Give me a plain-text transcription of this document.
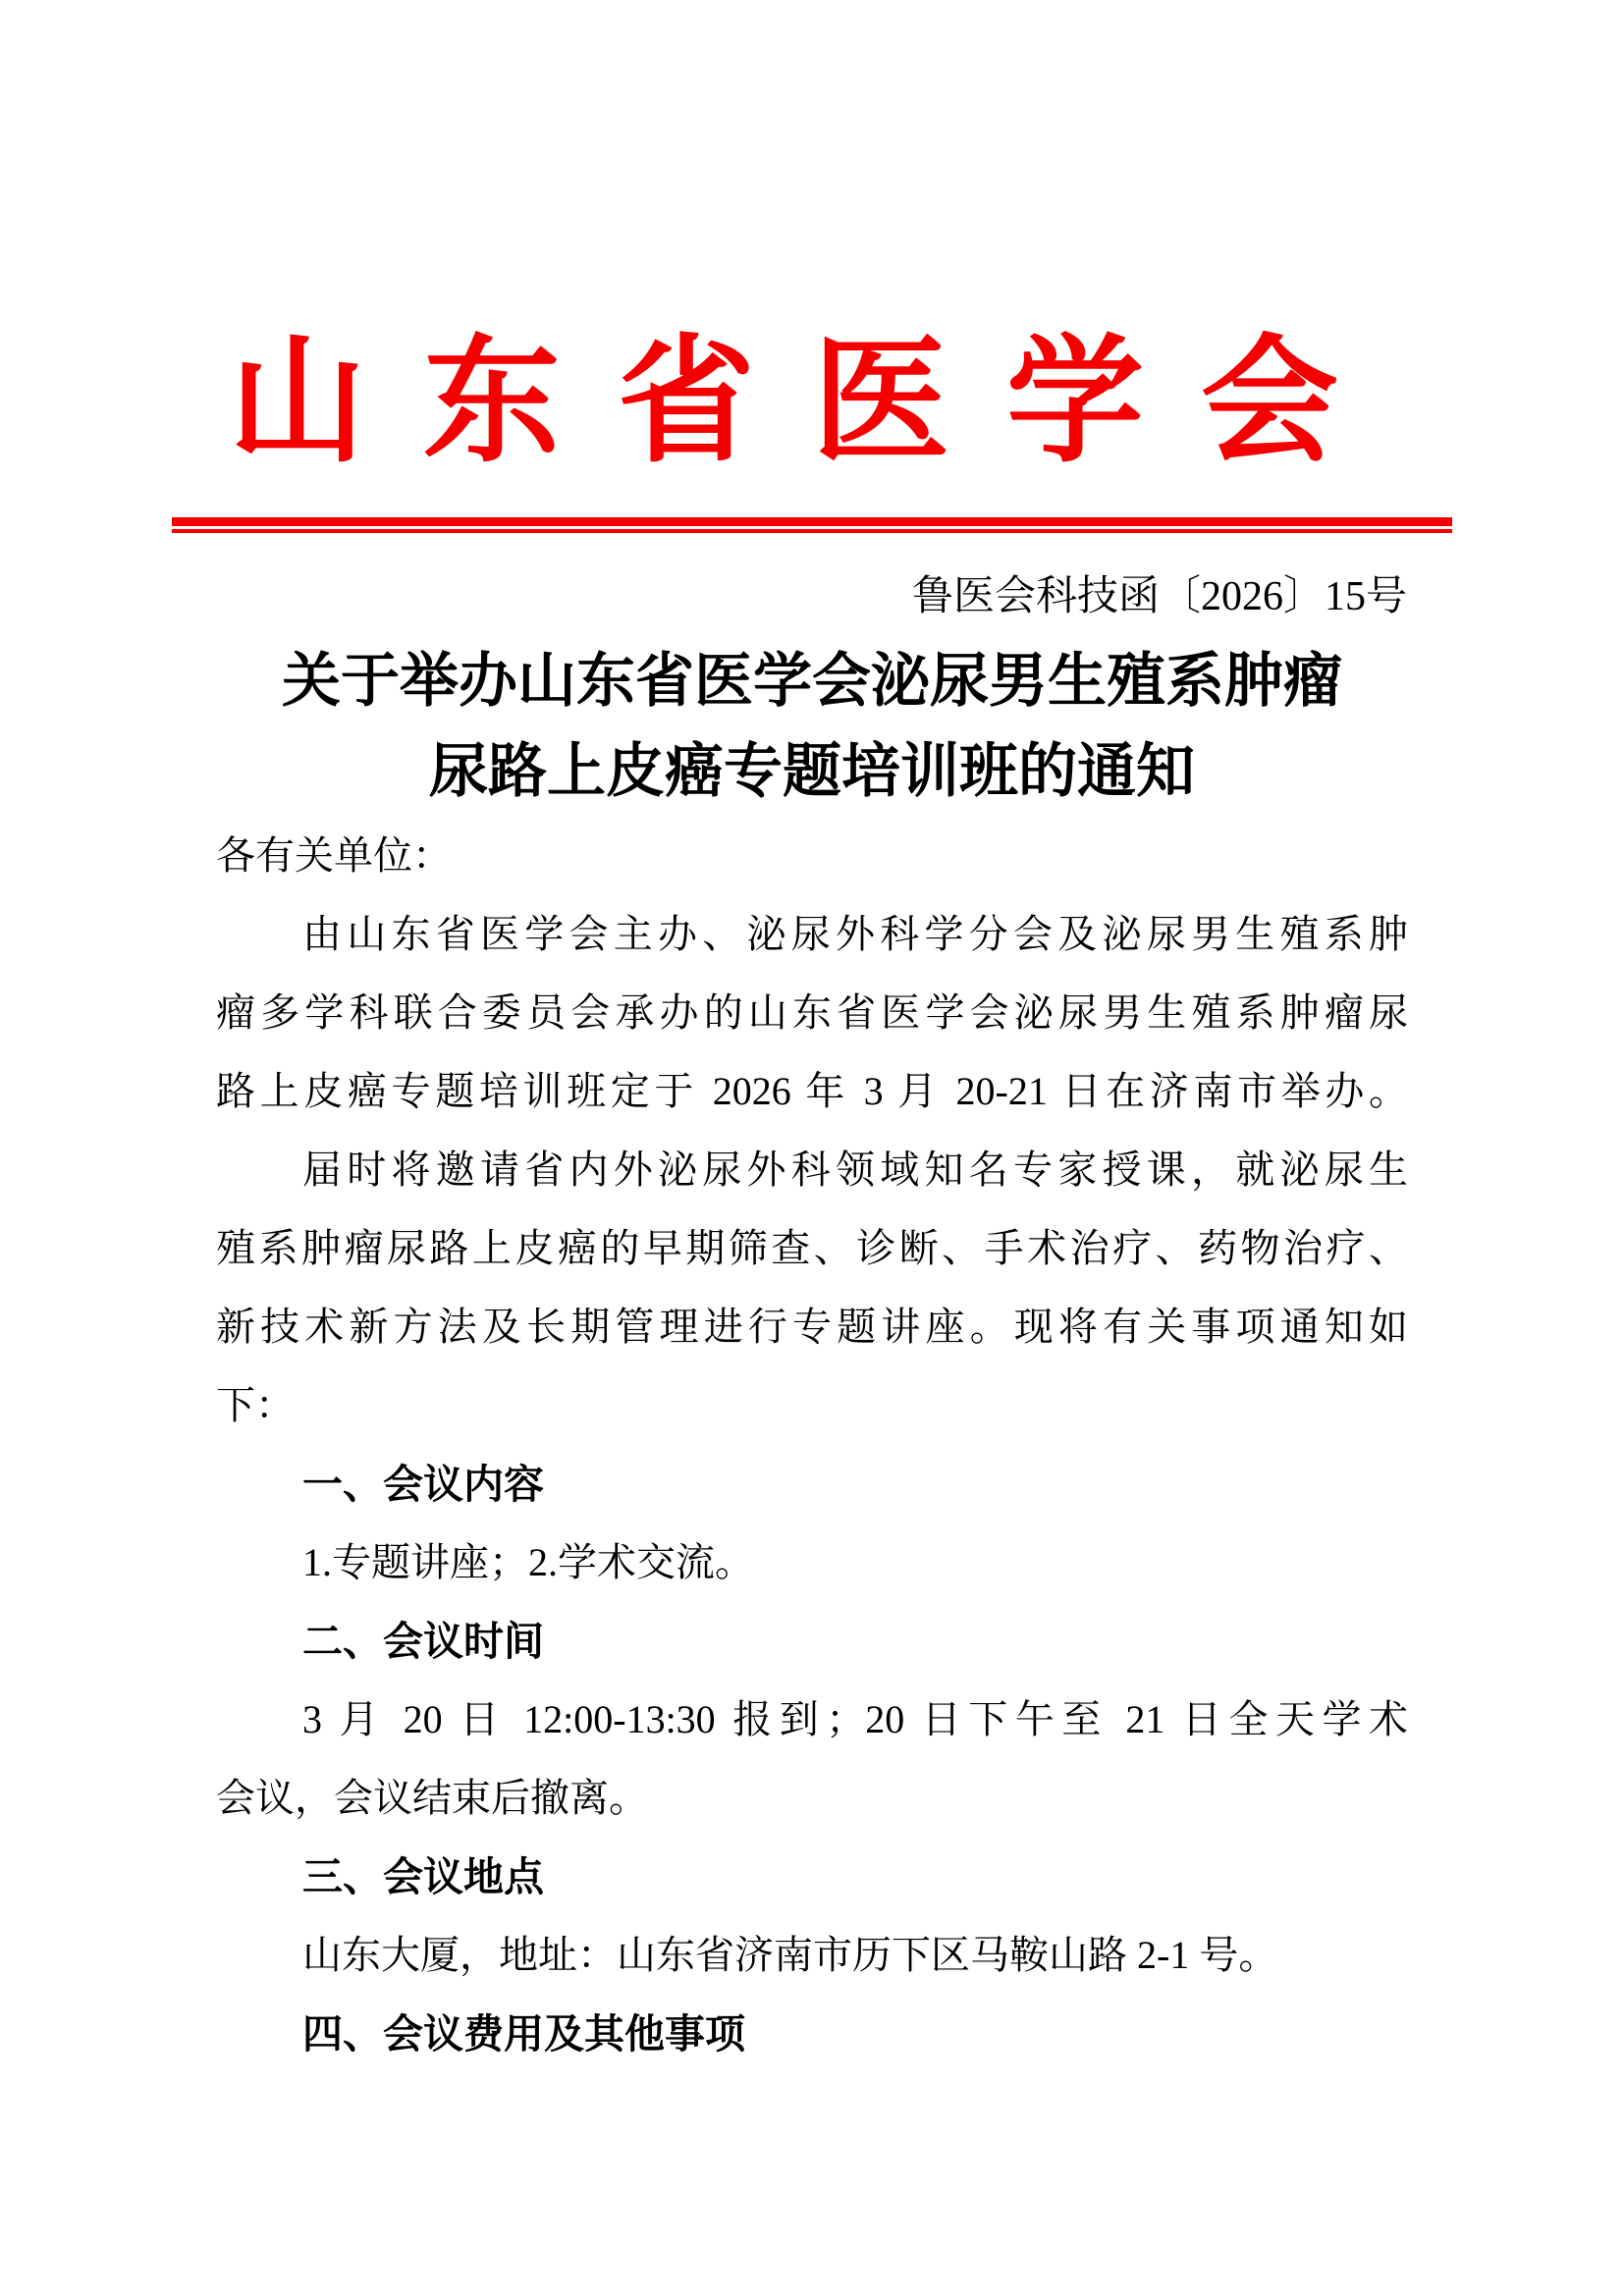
山东省医学会
鲁医会科技函〔2026〕15号
关于举办山东省医学会泌尿男生殖系肿瘤
尿路上皮癌专题培训班的通知
各有关单位：
由山东省医学会主办、泌尿外科学分会及泌尿男生殖系肿
瘤多学科联合委员会承办的山东省医学会泌尿男生殖系肿瘤尿
路上皮癌专题培训班定于 2026 年 3 月 20-21 日在济南市举办。
届时将邀请省内外泌尿外科领域知名专家授课，就泌尿生
殖系肿瘤尿路上皮癌的早期筛查、诊断、手术治疗、药物治疗、
新技术新方法及长期管理进行专题讲座。现将有关事项通知如
下：
一、会议内容
1.专题讲座；2.学术交流。
二、会议时间
3 月 20 日 12:00-13:30 报到；20 日下午至 21 日全天学术
会议，会议结束后撤离。
三、会议地点
山东大厦，地址：山东省济南市历下区马鞍山路 2-1 号。
四、会议费用及其他事项
